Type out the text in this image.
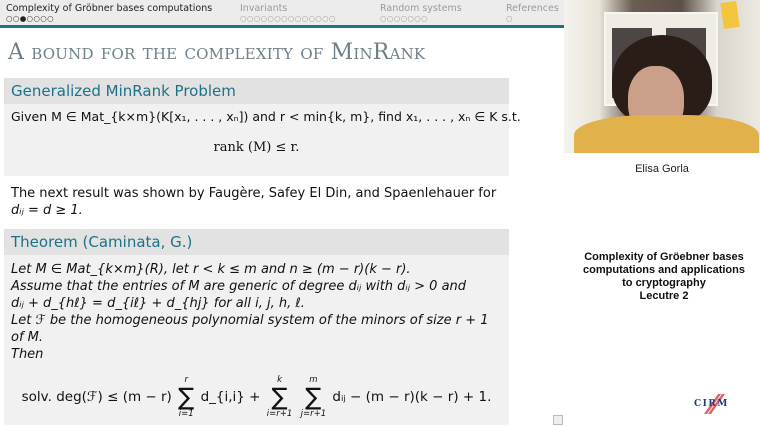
Complexity of Gröbner bases computations
○○●○○○○
Invariants
○○○○○○○○○○○○○○
Random systems
○○○○○○○
References
○
A bound for the complexity of MinRank
Generalized MinRank Problem
Given M ∈ Mat_{k×m}(K[x₁, . . . , xₙ]) and r < min{k, m}, find x₁, . . . , xₙ ∈ K s.t.
rank (M) ≤ r.
The next result was shown by Faugère, Safey El Din, and Spaenlehauer for
dᵢⱼ = d ≥ 1.
Theorem (Caminata, G.)
Let M ∈ Mat_{k×m}(R), let r < k ≤ m and n ≥ (m − r)(k − r).
Assume that the entries of M are generic of degree dᵢⱼ with dᵢⱼ > 0 and
dᵢⱼ + d_{hℓ} = d_{iℓ} + d_{hj} for all i, j, h, ℓ.
Let ℱ be the homogeneous polynomial system of the minors of size r + 1 of M.
Then
solv. deg(ℱ) ≤ (m − r)
r
∑
i=1
d_{i,i} +
k
∑
i=r+1

m
∑
j=r+1
dᵢⱼ − (m − r)(k − r) + 1.
Elisa Gorla
Complexity of Gröebner bases
computations and applications
to cryptography
Lecutre 2
CIRM
